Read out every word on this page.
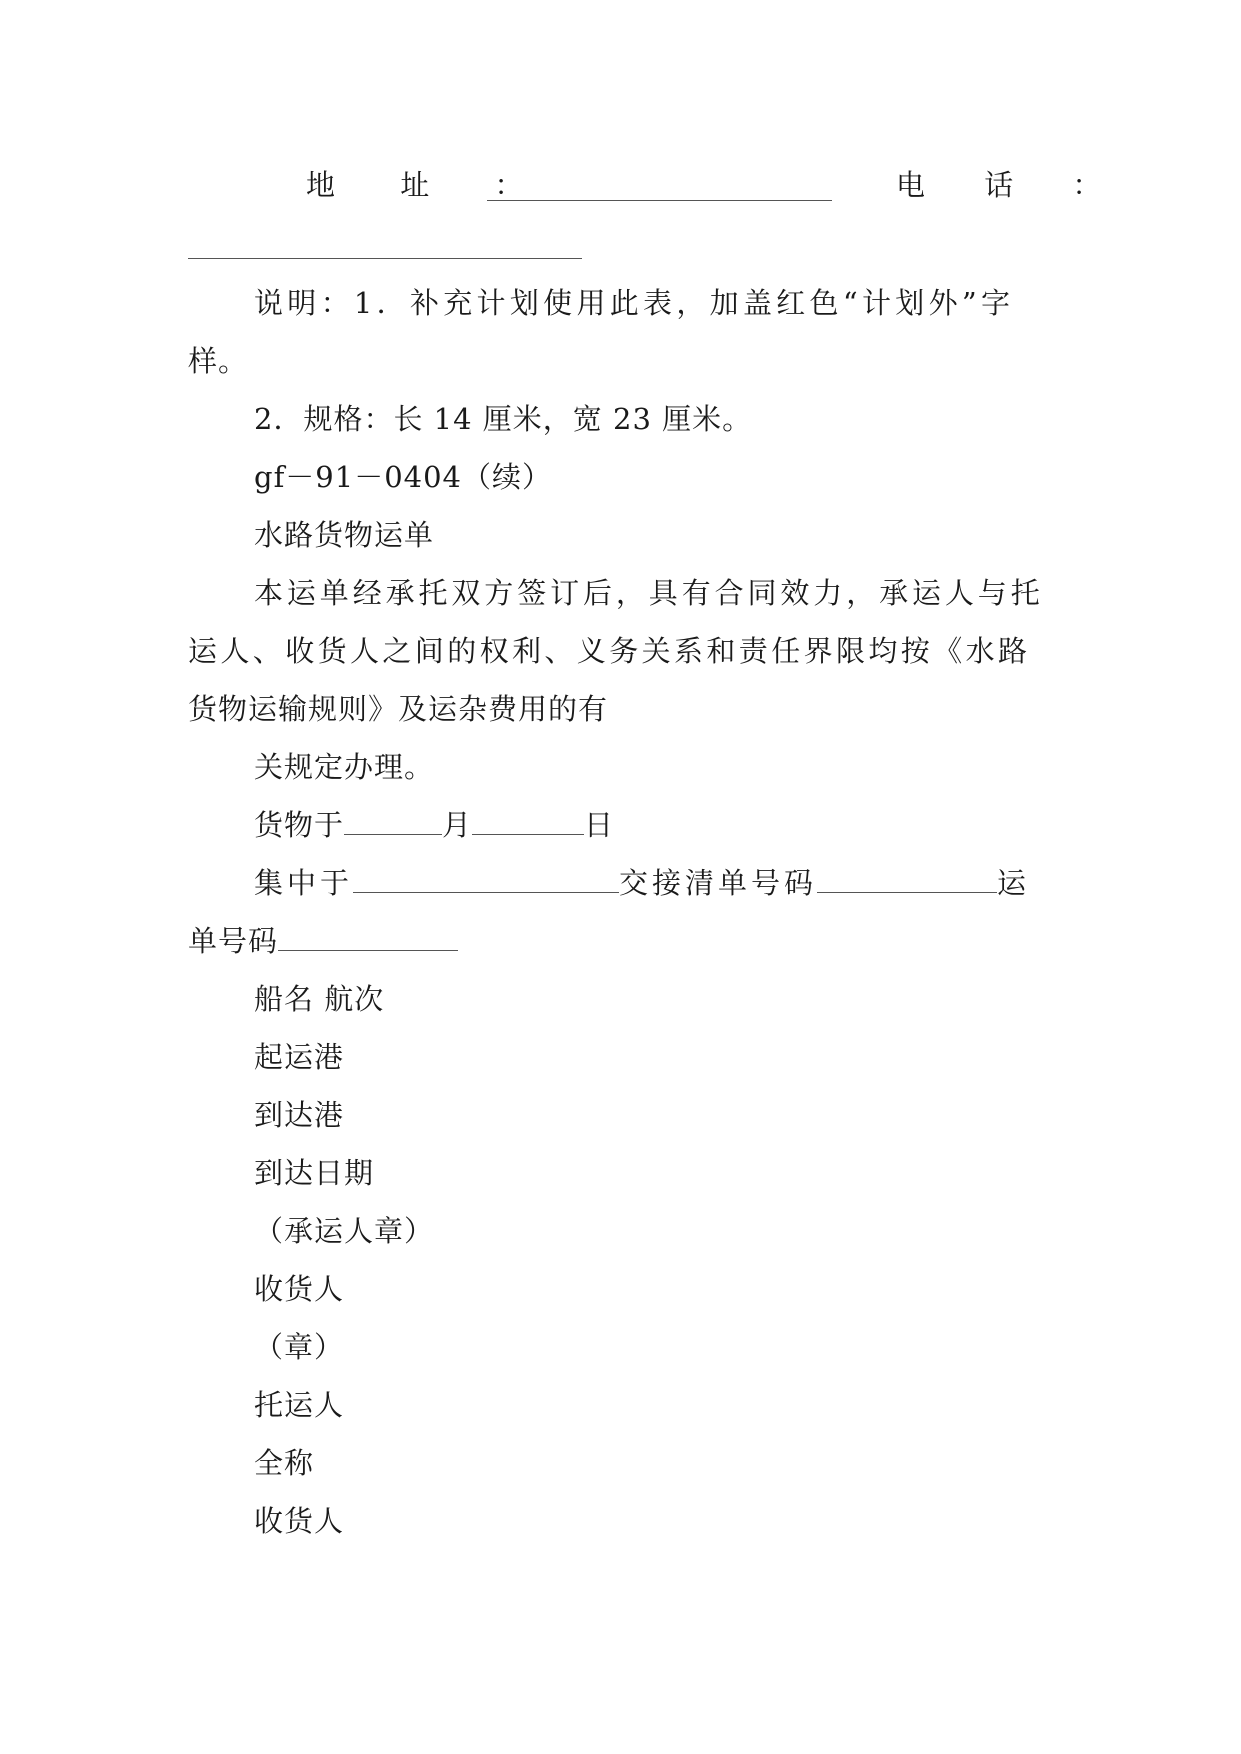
地 址 ：	电 话 ：
说明：1．补充计划使用此表，加盖红色“计划外”字
样。
2．规格：长 14 厘米，宽 23 厘米。
gf－91－0404（续）
水路货物运单
本运单经承托双方签订后，具有合同效力，承运人与托
运人、收货人之间的权利、义务关系和责任界限均按《水路
货物运输规则》及运杂费用的有
关规定办理。
货物于	月	日
集中于	交接清单号码	运
单号码
船名 航次
起运港
到达港
到达日期
（承运人章）
收货人
（章）
托运人
全称
收货人
